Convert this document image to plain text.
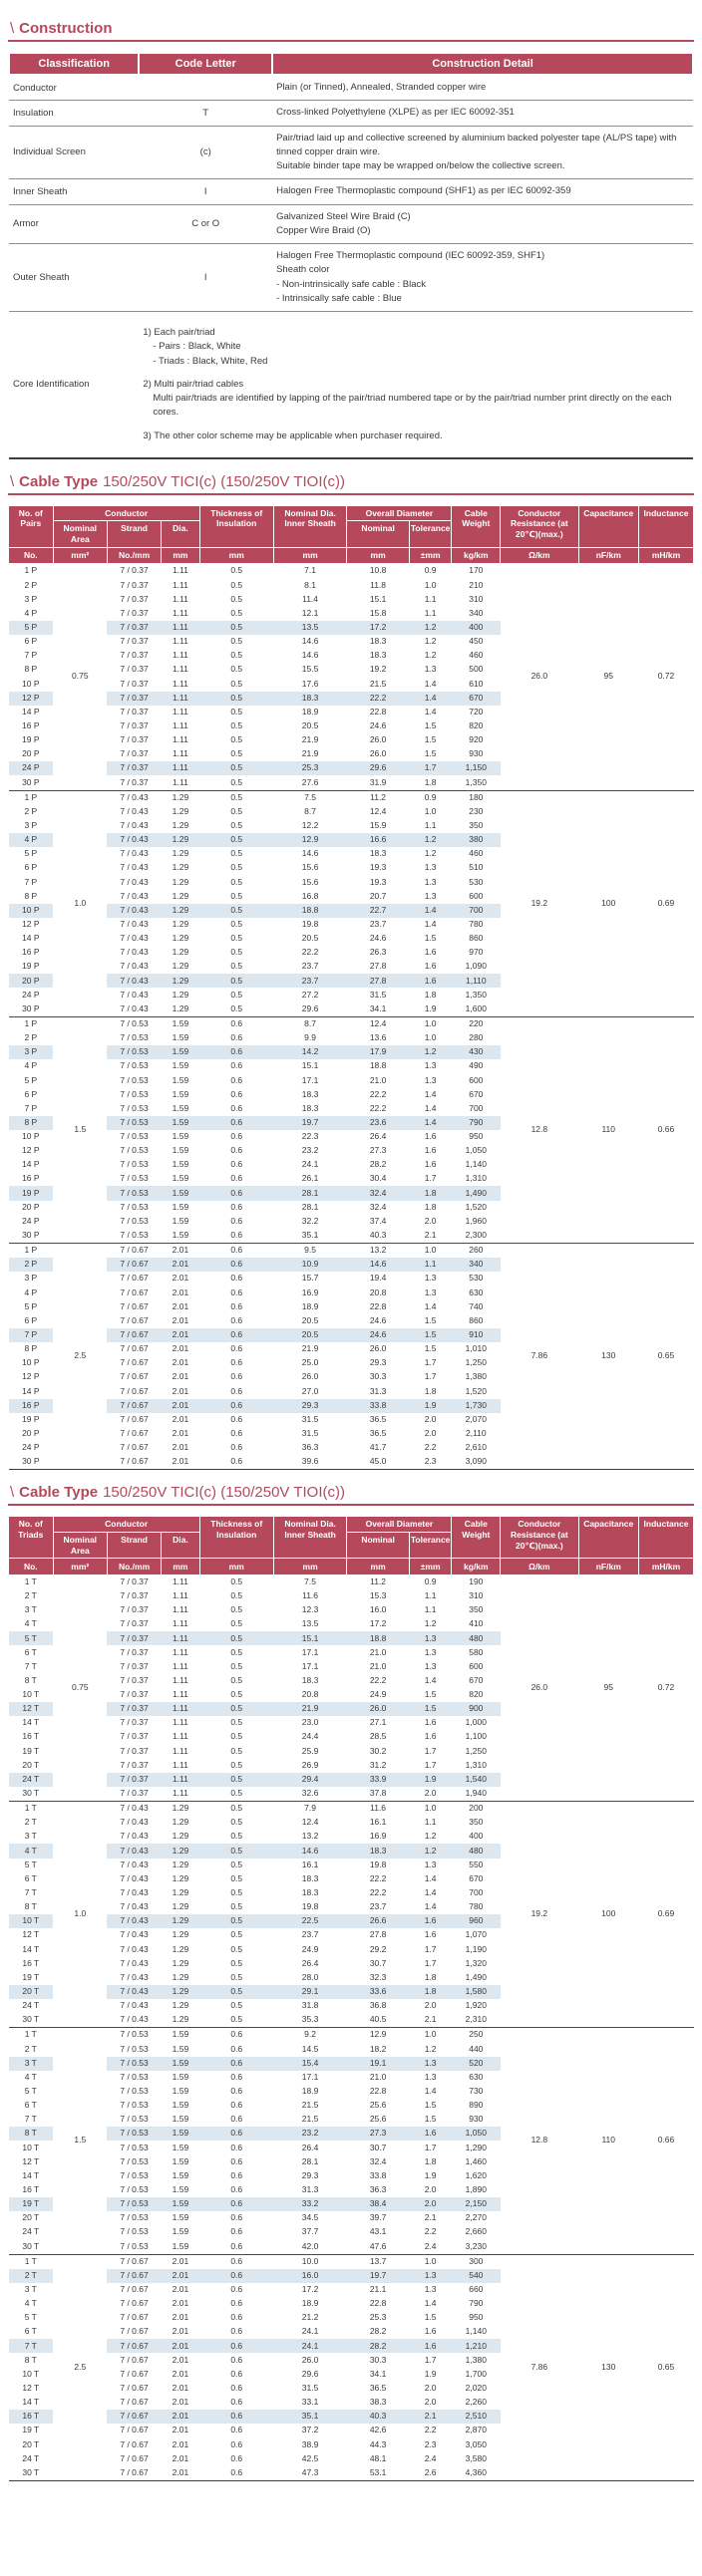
\ Construction
Classification	Code Letter	Construction Detail
Conductor		Plain (or Tinned), Annealed, Stranded copper wire

Insulation	T	Cross-linked Polyethylene (XLPE) as per IEC 60092-351

Individual Screen	(c)	Pair/triad laid up and collective screened by aluminium backed polyester tape (AL/PS tape) with tinned copper drain wire.
Suitable binder tape may be wrapped on/below the collective screen.

Inner Sheath	I	Halogen Free Thermoplastic compound (SHF1) as per IEC 60092-359

Armor	C or O	Galvanized Steel Wire Braid (C)
Copper Wire Braid (O)

Outer Sheath	I	Halogen Free Thermoplastic compound (IEC 60092-359, SHF1)
Sheath color
- Non-intrinsically safe cable : Black
- Intrinsically safe cable : Blue

Core Identification	
1) Each pair/triad
- Pairs : Black, White
- Triads : Black, White, Red
2) Multi pair/triad cables
Multi pair/triads are identified by lapping of the pair/triad numbered tape or by the pair/triad number print directly on the each cores.
3) The other color scheme may be applicable when purchaser required.
\ Cable Type 150/250V TICI(c) (150/250V TIOI(c))
No. of Pairs	Conductor			Thickness of Insulation	Nominal Dia. Inner Sheath	Overall Diameter		Cable Weight	Conductor Resistance (at 20℃)(max.)	Capacitance	Inductance
	Nominal Area	Strand	Dia.			Nominal	Tolerance				
No.	mm²	No./mm	mm	mm	mm	mm	±mm	kg/km	Ω/km	nF/km	mH/km
1 P	0.75	7 / 0.37	1.11	0.5	7.1	10.8	0.9	170	26.0	95	0.72
2 P		7 / 0.37	1.11	0.5	8.1	11.8	1.0	210			
3 P		7 / 0.37	1.11	0.5	11.4	15.1	1.1	310			
4 P		7 / 0.37	1.11	0.5	12.1	15.8	1.1	340			
5 P		7 / 0.37	1.11	0.5	13.5	17.2	1.2	400			
6 P		7 / 0.37	1.11	0.5	14.6	18.3	1.2	450			
7 P		7 / 0.37	1.11	0.5	14.6	18.3	1.2	460			
8 P		7 / 0.37	1.11	0.5	15.5	19.2	1.3	500			
10 P		7 / 0.37	1.11	0.5	17.6	21.5	1.4	610			
12 P		7 / 0.37	1.11	0.5	18.3	22.2	1.4	670			
14 P		7 / 0.37	1.11	0.5	18.9	22.8	1.4	720			
16 P		7 / 0.37	1.11	0.5	20.5	24.6	1.5	820			
19 P		7 / 0.37	1.11	0.5	21.9	26.0	1.5	920			
20 P		7 / 0.37	1.11	0.5	21.9	26.0	1.5	930			
24 P		7 / 0.37	1.11	0.5	25.3	29.6	1.7	1,150			
30 P		7 / 0.37	1.11	0.5	27.6	31.9	1.8	1,350			
1 P	1.0	7 / 0.43	1.29	0.5	7.5	11.2	0.9	180	19.2	100	0.69
2 P		7 / 0.43	1.29	0.5	8.7	12.4	1.0	230			
3 P		7 / 0.43	1.29	0.5	12.2	15.9	1.1	350			
4 P		7 / 0.43	1.29	0.5	12.9	16.6	1.2	380			
5 P		7 / 0.43	1.29	0.5	14.6	18.3	1.2	460			
6 P		7 / 0.43	1.29	0.5	15.6	19.3	1.3	510			
7 P		7 / 0.43	1.29	0.5	15.6	19.3	1.3	530			
8 P		7 / 0.43	1.29	0.5	16.8	20.7	1.3	600			
10 P		7 / 0.43	1.29	0.5	18.8	22.7	1.4	700			
12 P		7 / 0.43	1.29	0.5	19.8	23.7	1.4	780			
14 P		7 / 0.43	1.29	0.5	20.5	24.6	1.5	860			
16 P		7 / 0.43	1.29	0.5	22.2	26.3	1.6	970			
19 P		7 / 0.43	1.29	0.5	23.7	27.8	1.6	1,090			
20 P		7 / 0.43	1.29	0.5	23.7	27.8	1.6	1,110			
24 P		7 / 0.43	1.29	0.5	27.2	31.5	1.8	1,350			
30 P		7 / 0.43	1.29	0.5	29.6	34.1	1.9	1,600			
1 P	1.5	7 / 0.53	1.59	0.6	8.7	12.4	1.0	220	12.8	110	0.66
2 P		7 / 0.53	1.59	0.6	9.9	13.6	1.0	280			
3 P		7 / 0.53	1.59	0.6	14.2	17.9	1.2	430			
4 P		7 / 0.53	1.59	0.6	15.1	18.8	1.3	490			
5 P		7 / 0.53	1.59	0.6	17.1	21.0	1.3	600			
6 P		7 / 0.53	1.59	0.6	18.3	22.2	1.4	670			
7 P		7 / 0.53	1.59	0.6	18.3	22.2	1.4	700			
8 P		7 / 0.53	1.59	0.6	19.7	23.6	1.4	790			
10 P		7 / 0.53	1.59	0.6	22.3	26.4	1.6	950			
12 P		7 / 0.53	1.59	0.6	23.2	27.3	1.6	1,050			
14 P		7 / 0.53	1.59	0.6	24.1	28.2	1.6	1,140			
16 P		7 / 0.53	1.59	0.6	26.1	30.4	1.7	1,310			
19 P		7 / 0.53	1.59	0.6	28.1	32.4	1.8	1,490			
20 P		7 / 0.53	1.59	0.6	28.1	32.4	1.8	1,520			
24 P		7 / 0.53	1.59	0.6	32.2	37.4	2.0	1,960			
30 P		7 / 0.53	1.59	0.6	35.1	40.3	2.1	2,300			
1 P	2.5	7 / 0.67	2.01	0.6	9.5	13.2	1.0	260	7.86	130	0.65
2 P		7 / 0.67	2.01	0.6	10.9	14.6	1.1	340			
3 P		7 / 0.67	2.01	0.6	15.7	19.4	1.3	530			
4 P		7 / 0.67	2.01	0.6	16.9	20.8	1.3	630			
5 P		7 / 0.67	2.01	0.6	18.9	22.8	1.4	740			
6 P		7 / 0.67	2.01	0.6	20.5	24.6	1.5	860			
7 P		7 / 0.67	2.01	0.6	20.5	24.6	1.5	910			
8 P		7 / 0.67	2.01	0.6	21.9	26.0	1.5	1,010			
10 P		7 / 0.67	2.01	0.6	25.0	29.3	1.7	1,250			
12 P		7 / 0.67	2.01	0.6	26.0	30.3	1.7	1,380			
14 P		7 / 0.67	2.01	0.6	27.0	31.3	1.8	1,520			
16 P		7 / 0.67	2.01	0.6	29.3	33.8	1.9	1,730			
19 P		7 / 0.67	2.01	0.6	31.5	36.5	2.0	2,070			
20 P		7 / 0.67	2.01	0.6	31.5	36.5	2.0	2,110			
24 P		7 / 0.67	2.01	0.6	36.3	41.7	2.2	2,610			
30 P		7 / 0.67	2.01	0.6	39.6	45.0	2.3	3,090			
\ Cable Type 150/250V TICI(c) (150/250V TIOI(c))
No. of Triads	Conductor			Thickness of Insulation	Nominal Dia. Inner Sheath	Overall Diameter		Cable Weight	Conductor Resistance (at 20℃)(max.)	Capacitance	Inductance
	Nominal Area	Strand	Dia.			Nominal	Tolerance				
No.	mm²	No./mm	mm	mm	mm	mm	±mm	kg/km	Ω/km	nF/km	mH/km
1 T	0.75	7 / 0.37	1.11	0.5	7.5	11.2	0.9	190	26.0	95	0.72
2 T		7 / 0.37	1.11	0.5	11.6	15.3	1.1	310			
3 T		7 / 0.37	1.11	0.5	12.3	16.0	1.1	350			
4 T		7 / 0.37	1.11	0.5	13.5	17.2	1.2	410			
5 T		7 / 0.37	1.11	0.5	15.1	18.8	1.3	480			
6 T		7 / 0.37	1.11	0.5	17.1	21.0	1.3	580			
7 T		7 / 0.37	1.11	0.5	17.1	21.0	1.3	600			
8 T		7 / 0.37	1.11	0.5	18.3	22.2	1.4	670			
10 T		7 / 0.37	1.11	0.5	20.8	24.9	1.5	820			
12 T		7 / 0.37	1.11	0.5	21.9	26.0	1.5	900			
14 T		7 / 0.37	1.11	0.5	23.0	27.1	1.6	1,000			
16 T		7 / 0.37	1.11	0.5	24.4	28.5	1.6	1,100			
19 T		7 / 0.37	1.11	0.5	25.9	30.2	1.7	1,250			
20 T		7 / 0.37	1.11	0.5	26.9	31.2	1.7	1,310			
24 T		7 / 0.37	1.11	0.5	29.4	33.9	1.9	1,540			
30 T		7 / 0.37	1.11	0.5	32.6	37.8	2.0	1,940			
1 T	1.0	7 / 0.43	1.29	0.5	7.9	11.6	1.0	200	19.2	100	0.69
2 T		7 / 0.43	1.29	0.5	12.4	16.1	1.1	350			
3 T		7 / 0.43	1.29	0.5	13.2	16.9	1.2	400			
4 T		7 / 0.43	1.29	0.5	14.6	18.3	1.2	480			
5 T		7 / 0.43	1.29	0.5	16.1	19.8	1.3	550			
6 T		7 / 0.43	1.29	0.5	18.3	22.2	1.4	670			
7 T		7 / 0.43	1.29	0.5	18.3	22.2	1.4	700			
8 T		7 / 0.43	1.29	0.5	19.8	23.7	1.4	780			
10 T		7 / 0.43	1.29	0.5	22.5	26.6	1.6	960			
12 T		7 / 0.43	1.29	0.5	23.7	27.8	1.6	1,070			
14 T		7 / 0.43	1.29	0.5	24.9	29.2	1.7	1,190			
16 T		7 / 0.43	1.29	0.5	26.4	30.7	1.7	1,320			
19 T		7 / 0.43	1.29	0.5	28.0	32.3	1.8	1,490			
20 T		7 / 0.43	1.29	0.5	29.1	33.6	1.8	1,580			
24 T		7 / 0.43	1.29	0.5	31.8	36.8	2.0	1,920			
30 T		7 / 0.43	1.29	0.5	35.3	40.5	2.1	2,310			
1 T	1.5	7 / 0.53	1.59	0.6	9.2	12.9	1.0	250	12.8	110	0.66
2 T		7 / 0.53	1.59	0.6	14.5	18.2	1.2	440			
3 T		7 / 0.53	1.59	0.6	15.4	19.1	1.3	520			
4 T		7 / 0.53	1.59	0.6	17.1	21.0	1.3	630			
5 T		7 / 0.53	1.59	0.6	18.9	22.8	1.4	730			
6 T		7 / 0.53	1.59	0.6	21.5	25.6	1.5	890			
7 T		7 / 0.53	1.59	0.6	21.5	25.6	1.5	930			
8 T		7 / 0.53	1.59	0.6	23.2	27.3	1.6	1,050			
10 T		7 / 0.53	1.59	0.6	26.4	30.7	1.7	1,290			
12 T		7 / 0.53	1.59	0.6	28.1	32.4	1.8	1,460			
14 T		7 / 0.53	1.59	0.6	29.3	33.8	1.9	1,620			
16 T		7 / 0.53	1.59	0.6	31.3	36.3	2.0	1,890			
19 T		7 / 0.53	1.59	0.6	33.2	38.4	2.0	2,150			
20 T		7 / 0.53	1.59	0.6	34.5	39.7	2.1	2,270			
24 T		7 / 0.53	1.59	0.6	37.7	43.1	2.2	2,660			
30 T		7 / 0.53	1.59	0.6	42.0	47.6	2.4	3,230			
1 T	2.5	7 / 0.67	2.01	0.6	10.0	13.7	1.0	300	7.86	130	0.65
2 T		7 / 0.67	2.01	0.6	16.0	19.7	1.3	540			
3 T		7 / 0.67	2.01	0.6	17.2	21.1	1.3	660			
4 T		7 / 0.67	2.01	0.6	18.9	22.8	1.4	790			
5 T		7 / 0.67	2.01	0.6	21.2	25.3	1.5	950			
6 T		7 / 0.67	2.01	0.6	24.1	28.2	1.6	1,140			
7 T		7 / 0.67	2.01	0.6	24.1	28.2	1.6	1,210			
8 T		7 / 0.67	2.01	0.6	26.0	30.3	1.7	1,380			
10 T		7 / 0.67	2.01	0.6	29.6	34.1	1.9	1,700			
12 T		7 / 0.67	2.01	0.6	31.5	36.5	2.0	2,020			
14 T		7 / 0.67	2.01	0.6	33.1	38.3	2.0	2,260			
16 T		7 / 0.67	2.01	0.6	35.1	40.3	2.1	2,510			
19 T		7 / 0.67	2.01	0.6	37.2	42.6	2.2	2,870			
20 T		7 / 0.67	2.01	0.6	38.9	44.3	2.3	3,050			
24 T		7 / 0.67	2.01	0.6	42.5	48.1	2.4	3,580			
30 T		7 / 0.67	2.01	0.6	47.3	53.1	2.6	4,360			
